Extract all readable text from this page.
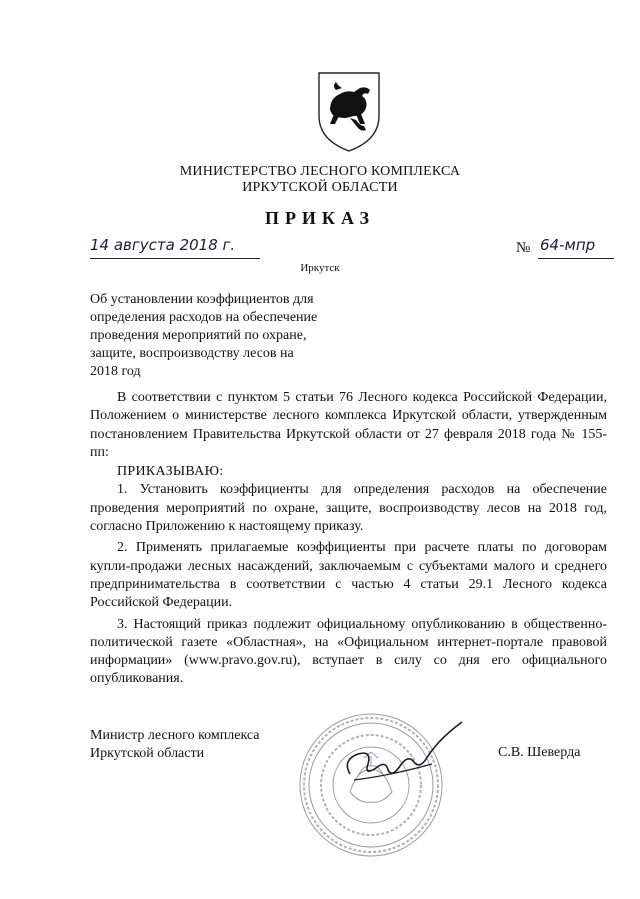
МИНИСТЕРСТВО ЛЕСНОГО КОМПЛЕКСА
ИРКУТСКОЙ ОБЛАСТИ
ПРИКАЗ
14 августа 2018 г.	№ 64-мпр
Иркутск
Об установлении коэффициентов для
определения расходов на обеспечение
проведения мероприятий по охране,
защите, воспроизводству лесов на
2018 год

В соответствии с пунктом 5 статьи 76 Лесного кодекса Российской Федерации, Положением о министерстве лесного комплекса Иркутской области, утвержденным постановлением Правительства Иркутской области от 27 февраля 2018 года № 155-пп:

ПРИКАЗЫВАЮ:

1. Установить коэффициенты для определения расходов на обеспечение проведения мероприятий по охране, защите, воспроизводству лесов на 2018 год, согласно Приложению к настоящему приказу.

2. Применять прилагаемые коэффициенты при расчете платы по договорам купли-продажи лесных насаждений, заключаемым с субъектами малого и среднего предпринимательства в соответствии с частью 4 статьи 29.1 Лесного кодекса Российской Федерации.

3. Настоящий приказ подлежит официальному опубликованию в общественно-политической газете «Областная», на «Официальном интернет-портале правовой информации» (www.pravo.gov.ru), вступает в силу со дня его официального опубликования.

Министр лесного комплекса
Иркутской области	С.В. Шеверда
